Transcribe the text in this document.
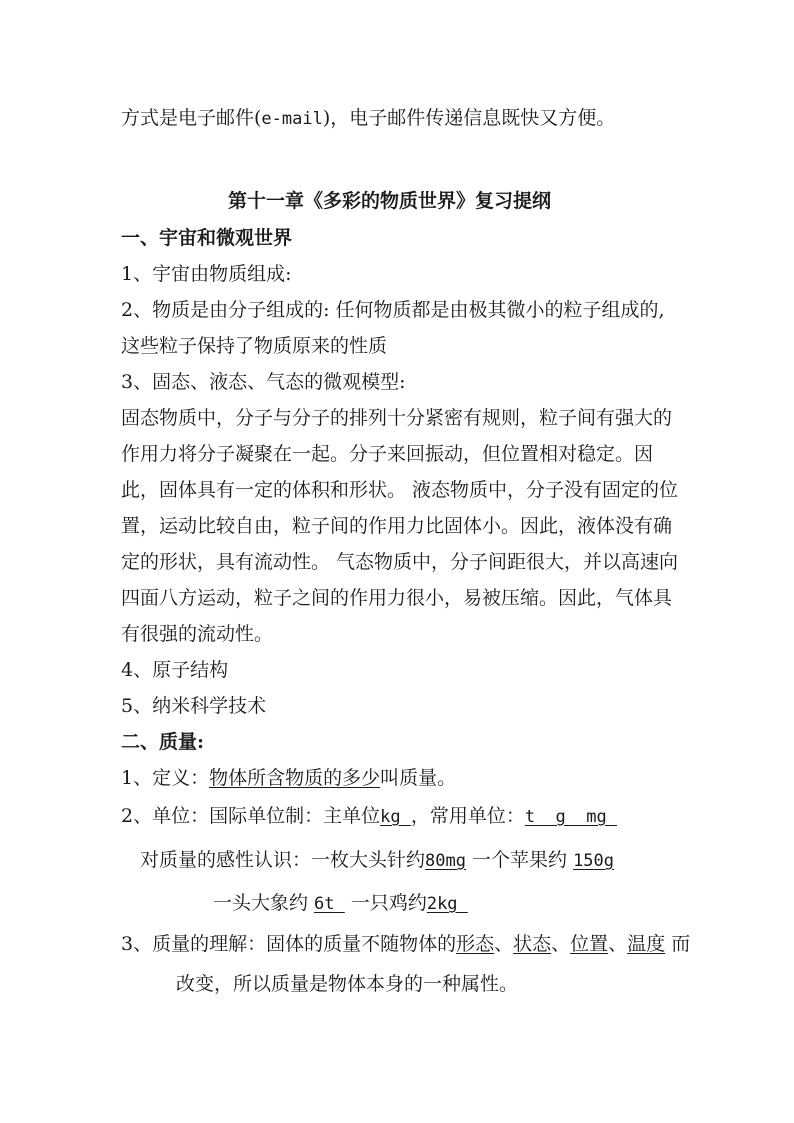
方式是电子邮件(e-mail)，电子邮件传递信息既快又方便。
第十一章《多彩的物质世界》复习提纲
一、宇宙和微观世界
1、宇宙由物质组成:
2、物质是由分子组成的: 任何物质都是由极其微小的粒子组成的,
这些粒子保持了物质原来的性质
3、固态、液态、气态的微观模型:
固态物质中，分子与分子的排列十分紧密有规则，粒子间有强大的
作用力将分子凝聚在一起。分子来回振动，但位置相对稳定。因
此，固体具有一定的体积和形状。 液态物质中，分子没有固定的位
置，运动比较自由，粒子间的作用力比固体小。因此，液体没有确
定的形状，具有流动性。 气态物质中，分子间距很大，并以高速向
四面八方运动，粒子之间的作用力很小，易被压缩。因此，气体具
有很强的流动性。
4、原子结构
5、纳米科学技术
二、质量:
1、定义：物体所含物质的多少叫质量。
2、单位：国际单位制：主单位kg ，常用单位：t  g  mg
对质量的感性认识：一枚大头针约80mg 一个苹果约 150g
一头大象约 6t  一只鸡约2kg
3、质量的理解：固体的质量不随物体的形态、状态、位置、温度 而
改变，所以质量是物体本身的一种属性。
